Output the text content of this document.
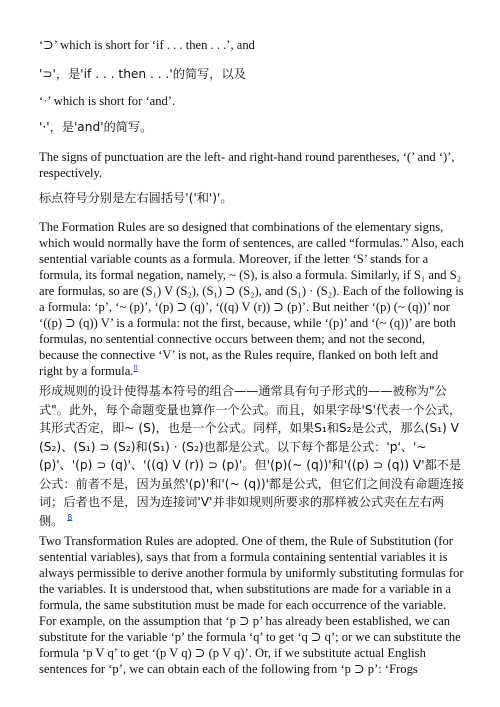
‘⊃’ which is short for ‘if . . . then . . .’, and

'⊃'，是'if . . . then . . .'的简写，以及

‘·’ which is short for ‘and’.

'·'，是'and'的简写。

The signs of punctuation are the left- and right-hand round parentheses, ‘(’ and ‘)’, respectively.

标点符号分别是左右圆括号'('和')'。

The Formation Rules are so designed that combinations of the elementary signs, which would normally have the form of sentences, are called “formulas.” Also, each sentential variable counts as a formula. Moreover, if the letter ‘S’ stands for a formula, its formal negation, namely, ~ (S), is also a formula. Similarly, if S₁ and S₂ are formulas, so are (S₁) V (S₂), (S₁) ⊃ (S₂), and (S₁) · (S₂). Each of the following is a formula: ‘p’, ‘~ (p)’, ‘(p) ⊃ (q)’, ‘((q) V (r)) ⊃ (p)’. But neither ‘(p) (~ (q))’ nor ‘((p) ⊃ (q)) V’ is a formula: not the first, because, while ‘(p)’ and ‘(~ (q))’ are both formulas, no sentential connective occurs between them; and not the second, because the connective ‘V’ is not, as the Rules require, flanked on both left and right by a formula.$^8$

形成规则的设计使得基本符号的组合——通常具有句子形式的——被称为"公式"。此外，每个命题变量也算作一个公式。而且，如果字母'S'代表一个公式，其形式否定，即~ (S)，也是一个公式。同样，如果S₁和S₂是公式，那么(S₁) V (S₂)、(S₁) ⊃ (S₂)和(S₁) · (S₂)也都是公式。以下每个都是公式：'p'、'~ (p)'、'(p) ⊃ (q)'、'((q) V (r)) ⊃ (p)'。但'(p)(~ (q))'和'((p) ⊃ (q)) V'都不是公式：前者不是，因为虽然'(p)'和'(~ (q))'都是公式，但它们之间没有命题连接词；后者也不是，因为连接词'V'并非如规则所要求的那样被公式夹在左右两侧。 $^8$

Two Transformation Rules are adopted. One of them, the Rule of Substitution (for sentential variables), says that from a formula containing sentential variables it is always permissible to derive another formula by uniformly substituting formulas for the variables. It is understood that, when substitutions are made for a variable in a formula, the same substitution must be made for each occurrence of the variable. For example, on the assumption that ‘p ⊃ p’ has already been established, we can substitute for the variable ‘p’ the formula ‘q’ to get ‘q ⊃ q’; or we can substitute the formula ‘p V q’ to get ‘(p V q) ⊃ (p V q)’. Or, if we substitute actual English sentences for ‘p’, we can obtain each of the following from ‘p ⊃ p’: ‘Frogs
